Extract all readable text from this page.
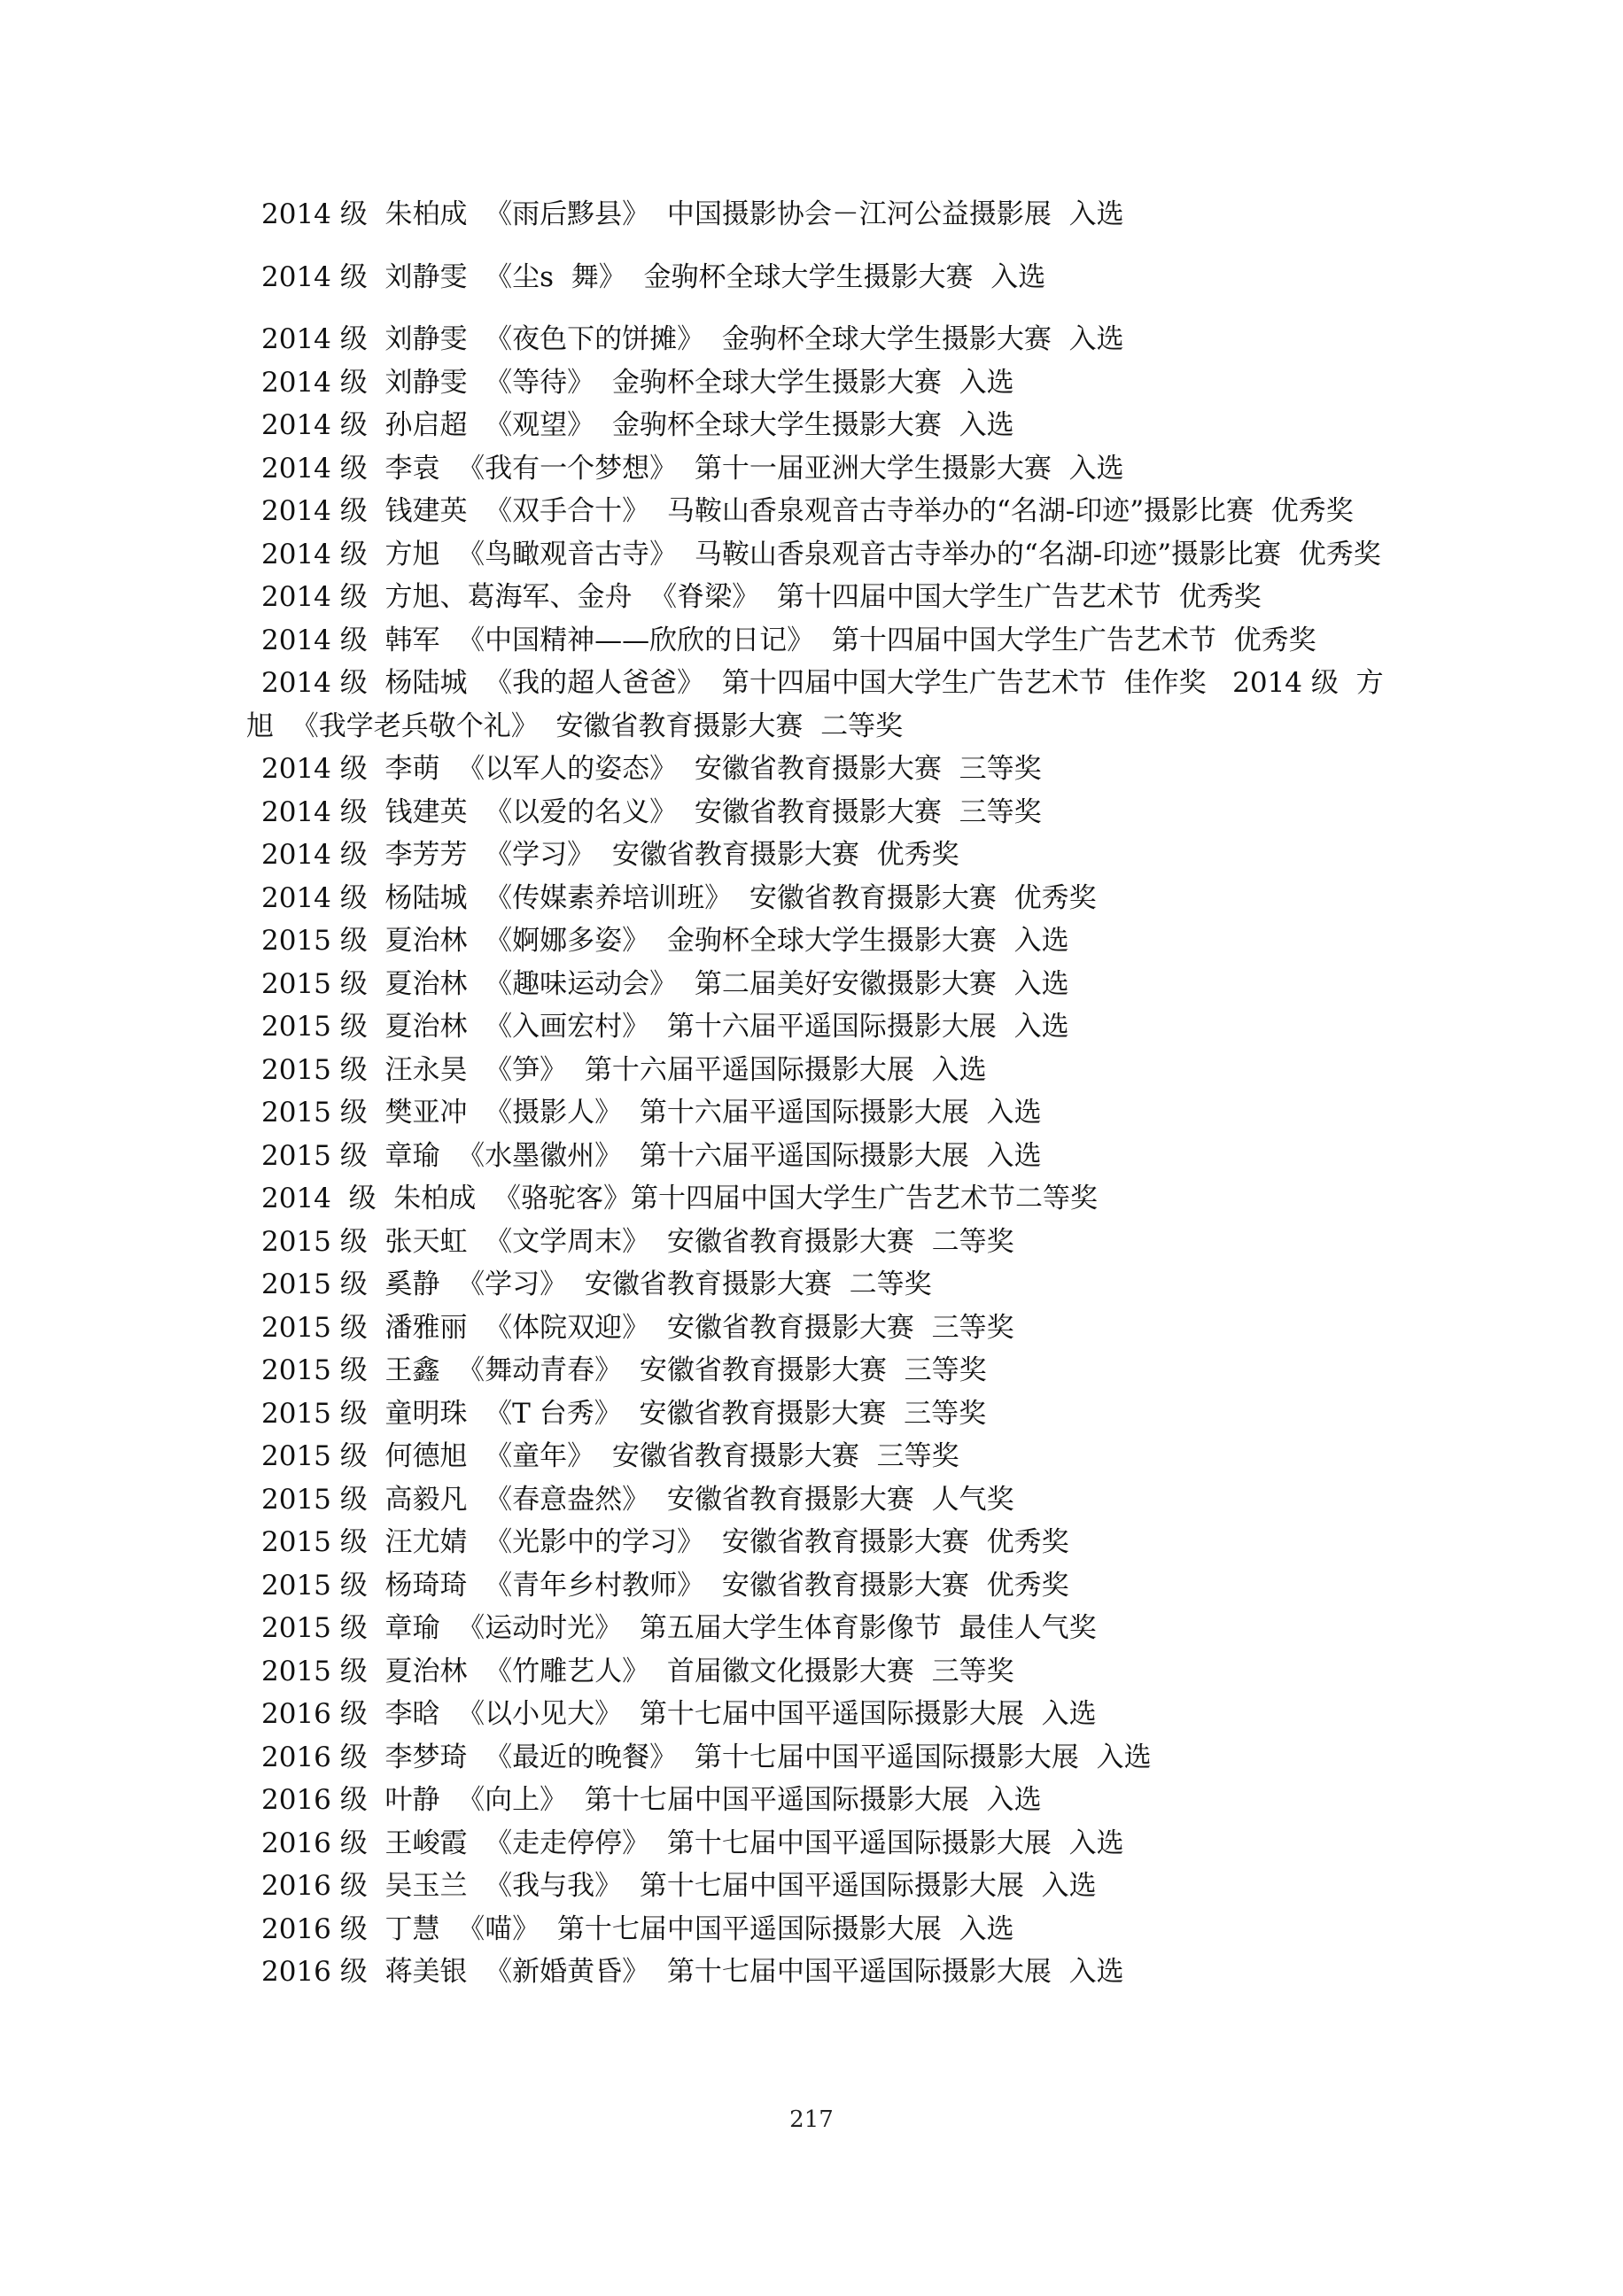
2014 级  朱柏成  《雨后黟县》  中国摄影协会－江河公益摄影展  入选

2014 级  刘静雯  《尘s  舞》  金驹杯全球大学生摄影大赛  入选

2014 级  刘静雯  《夜色下的饼摊》  金驹杯全球大学生摄影大赛  入选

2014 级  刘静雯  《等待》  金驹杯全球大学生摄影大赛  入选

2014 级  孙启超  《观望》  金驹杯全球大学生摄影大赛  入选

2014 级  李袁  《我有一个梦想》  第十一届亚洲大学生摄影大赛  入选

2014 级  钱建英  《双手合十》  马鞍山香泉观音古寺举办的“名湖-印迹”摄影比赛  优秀奖

2014 级  方旭  《鸟瞰观音古寺》  马鞍山香泉观音古寺举办的“名湖-印迹”摄影比赛  优秀奖

2014 级  方旭、葛海军、金舟  《脊梁》  第十四届中国大学生广告艺术节  优秀奖

2014 级  韩军  《中国精神——欣欣的日记》  第十四届中国大学生广告艺术节  优秀奖

2014 级  杨陆城  《我的超人爸爸》  第十四届中国大学生广告艺术节  佳作奖   2014 级  方旭  《我学老兵敬个礼》  安徽省教育摄影大赛  二等奖

2014 级  李萌  《以军人的姿态》  安徽省教育摄影大赛  三等奖

2014 级  钱建英  《以爱的名义》  安徽省教育摄影大赛  三等奖

2014 级  李芳芳  《学习》  安徽省教育摄影大赛  优秀奖

2014 级  杨陆城  《传媒素养培训班》  安徽省教育摄影大赛  优秀奖

2015 级  夏治林  《婀娜多姿》  金驹杯全球大学生摄影大赛  入选

2015 级  夏治林  《趣味运动会》  第二届美好安徽摄影大赛  入选

2015 级  夏治林  《入画宏村》  第十六届平遥国际摄影大展  入选

2015 级  汪永昊  《笋》  第十六届平遥国际摄影大展  入选

2015 级  樊亚冲  《摄影人》  第十六届平遥国际摄影大展  入选

2015 级  章瑜  《水墨徽州》  第十六届平遥国际摄影大展  入选

2014  级  朱柏成  《骆驼客》第十四届中国大学生广告艺术节二等奖

2015 级  张天虹  《文学周末》  安徽省教育摄影大赛  二等奖

2015 级  奚静  《学习》  安徽省教育摄影大赛  二等奖

2015 级  潘雅丽  《体院双迎》  安徽省教育摄影大赛  三等奖

2015 级  王鑫  《舞动青春》  安徽省教育摄影大赛  三等奖

2015 级  童明珠  《T 台秀》  安徽省教育摄影大赛  三等奖

2015 级  何德旭  《童年》  安徽省教育摄影大赛  三等奖

2015 级  高毅凡  《春意盎然》  安徽省教育摄影大赛  人气奖

2015 级  汪尤婧  《光影中的学习》  安徽省教育摄影大赛  优秀奖

2015 级  杨琦琦  《青年乡村教师》  安徽省教育摄影大赛  优秀奖

2015 级  章瑜  《运动时光》  第五届大学生体育影像节  最佳人气奖

2015 级  夏治林  《竹雕艺人》  首届徽文化摄影大赛  三等奖

2016 级  李晗  《以小见大》  第十七届中国平遥国际摄影大展  入选

2016 级  李梦琦  《最近的晚餐》  第十七届中国平遥国际摄影大展  入选

2016 级  叶静  《向上》  第十七届中国平遥国际摄影大展  入选

2016 级  王峻霞  《走走停停》  第十七届中国平遥国际摄影大展  入选

2016 级  吴玉兰  《我与我》  第十七届中国平遥国际摄影大展  入选

2016 级  丁慧  《喵》  第十七届中国平遥国际摄影大展  入选

2016 级  蒋美银  《新婚黄昏》  第十七届中国平遥国际摄影大展  入选

217
